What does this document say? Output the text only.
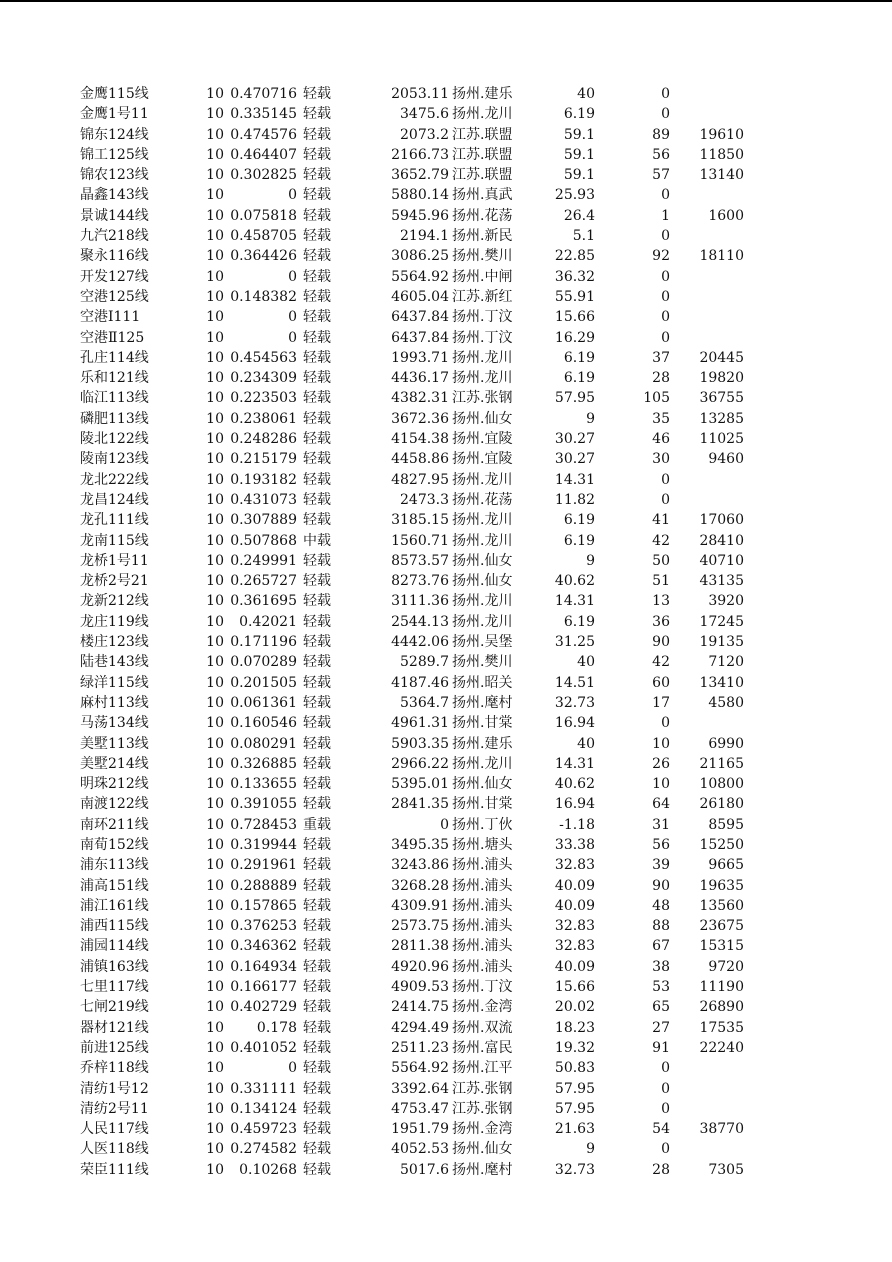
金鹰115线	10 0.470716 轻载	2053.11 扬州.建乐	40	0
金鹰1号11	10 0.335145 轻载	3475.6 扬州.龙川	6.19	0
锦东124线	10 0.474576 轻载	2073.2 江苏.联盟	59.1	89	19610
锦工125线	10 0.464407 轻载	2166.73 江苏.联盟	59.1	56	11850
锦农123线	10 0.302825 轻载	3652.79 江苏.联盟	59.1	57	13140
晶鑫143线	10	0 轻载	5880.14 扬州.真武	25.93	0
景诚144线	10 0.075818 轻载	5945.96 扬州.花荡	26.4	1	1600
九汽218线	10 0.458705 轻载	2194.1 扬州.新民	5.1	0
聚永116线	10 0.364426 轻载	3086.25 扬州.樊川	22.85	92	18110
开发127线	10	0 轻载	5564.92 扬州.中闸	36.32	0
空港125线	10 0.148382 轻载	4605.04 江苏.新红	55.91	0
空港Ⅰ111	10	0 轻载	6437.84 扬州.丁汶	15.66	0
空港Ⅱ125	10	0 轻载	6437.84 扬州.丁汶	16.29	0
孔庄114线	10 0.454563 轻载	1993.71 扬州.龙川	6.19	37	20445
乐和121线	10 0.234309 轻载	4436.17 扬州.龙川	6.19	28	19820
临江113线	10 0.223503 轻载	4382.31 江苏.张钢	57.95	105	36755
磷肥113线	10 0.238061 轻载	3672.36 扬州.仙女	9	35	13285
陵北122线	10 0.248286 轻载	4154.38 扬州.宜陵	30.27	46	11025
陵南123线	10 0.215179 轻载	4458.86 扬州.宜陵	30.27	30	9460
龙北222线	10 0.193182 轻载	4827.95 扬州.龙川	14.31	0
龙昌124线	10 0.431073 轻载	2473.3 扬州.花荡	11.82	0
龙孔111线	10 0.307889 轻载	3185.15 扬州.龙川	6.19	41	17060
龙南115线	10 0.507868 中载	1560.71 扬州.龙川	6.19	42	28410
龙桥1号11	10 0.249991 轻载	8573.57 扬州.仙女	9	50	40710
龙桥2号21	10 0.265727 轻载	8273.76 扬州.仙女	40.62	51	43135
龙新212线	10 0.361695 轻载	3111.36 扬州.龙川	14.31	13	3920
龙庄119线	10	0.42021 轻载	2544.13 扬州.龙川	6.19	36	17245
楼庄123线	10 0.171196 轻载	4442.06 扬州.吴堡	31.25	90	19135
陆巷143线	10 0.070289 轻载	5289.7 扬州.樊川	40	42	7120
绿洋115线	10 0.201505 轻载	4187.46 扬州.昭关	14.51	60	13410
麻村113线	10 0.061361 轻载	5364.7 扬州.麾村	32.73	17	4580
马荡134线	10 0.160546 轻载	4961.31 扬州.甘棠	16.94	0
美墅113线	10 0.080291 轻载	5903.35 扬州.建乐	40	10	6990
美墅214线	10 0.326885 轻载	2966.22 扬州.龙川	14.31	26	21165
明珠212线	10 0.133655 轻载	5395.01 扬州.仙女	40.62	10	10800
南渡122线	10 0.391055 轻载	2841.35 扬州.甘棠	16.94	64	26180
南环211线	10 0.728453 重载	0 扬州.丁伙	-1.18	31	8595
南荀152线	10 0.319944 轻载	3495.35 扬州.塘头	33.38	56	15250
浦东113线	10 0.291961 轻载	3243.86 扬州.浦头	32.83	39	9665
浦高151线	10 0.288889 轻载	3268.28 扬州.浦头	40.09	90	19635
浦江161线	10 0.157865 轻载	4309.91 扬州.浦头	40.09	48	13560
浦西115线	10 0.376253 轻载	2573.75 扬州.浦头	32.83	88	23675
浦园114线	10 0.346362 轻载	2811.38 扬州.浦头	32.83	67	15315
浦镇163线	10 0.164934 轻载	4920.96 扬州.浦头	40.09	38	9720
七里117线	10 0.166177 轻载	4909.53 扬州.丁汶	15.66	53	11190
七闸219线	10 0.402729 轻载	2414.75 扬州.金湾	20.02	65	26890
器材121线	10	0.178 轻载	4294.49 扬州.双流	18.23	27	17535
前进125线	10 0.401052 轻载	2511.23 扬州.富民	19.32	91	22240
乔梓118线	10	0 轻载	5564.92 扬州.江平	50.83	0
清纺1号12	10 0.331111 轻载	3392.64 江苏.张钢	57.95	0
清纺2号11	10 0.134124 轻载	4753.47 江苏.张钢	57.95	0
人民117线	10 0.459723 轻载	1951.79 扬州.金湾	21.63	54	38770
人医118线	10 0.274582 轻载	4052.53 扬州.仙女	9	0
荣臣111线	10	0.10268 轻载	5017.6 扬州.麾村	32.73	28	7305
